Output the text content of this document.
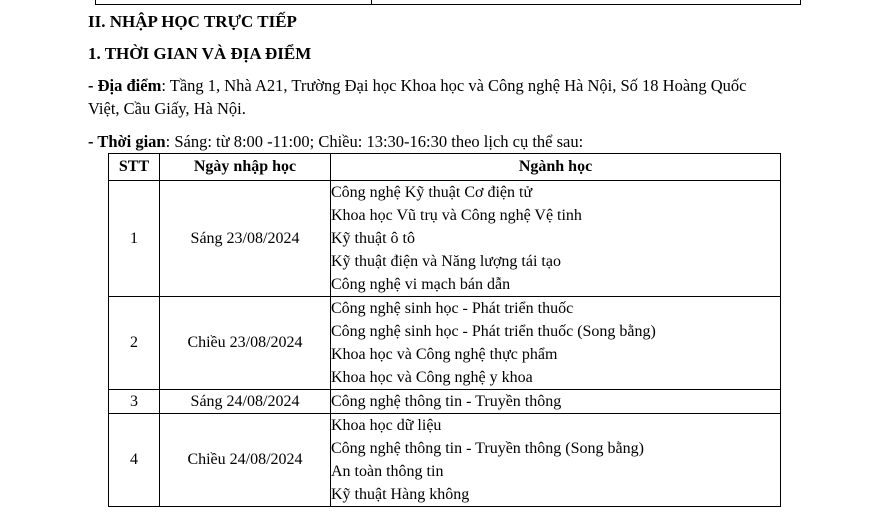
II. NHẬP HỌC TRỰC TIẾP
1. THỜI GIAN VÀ ĐỊA ĐIỂM
- Địa điểm: Tầng 1, Nhà A21, Trường Đại học Khoa học và Công nghệ Hà Nội, Số 18 Hoàng Quốc
Việt, Cầu Giấy, Hà Nội.
- Thời gian: Sáng: từ 8:00 -11:00; Chiều: 13:30-16:30 theo lịch cụ thể sau:
STT	Ngày nhập học	Ngành học
1	Sáng 23/08/2024	Công nghệ Kỹ thuật Cơ điện tử
Khoa học Vũ trụ và Công nghệ Vệ tinh
Kỹ thuật ô tô
Kỹ thuật điện và Năng lượng tái tạo
Công nghệ vi mạch bán dẫn

2	Chiều 23/08/2024	Công nghệ sinh học - Phát triển thuốc
Công nghệ sinh học - Phát triển thuốc (Song bằng)
Khoa học và Công nghệ thực phẩm
Khoa học và Công nghệ y khoa

3	Sáng 24/08/2024	Công nghệ thông tin - Truyền thông

4	Chiều 24/08/2024	Khoa học dữ liệu
Công nghệ thông tin - Truyền thông (Song bằng)
An toàn thông tin
Kỹ thuật Hàng không
